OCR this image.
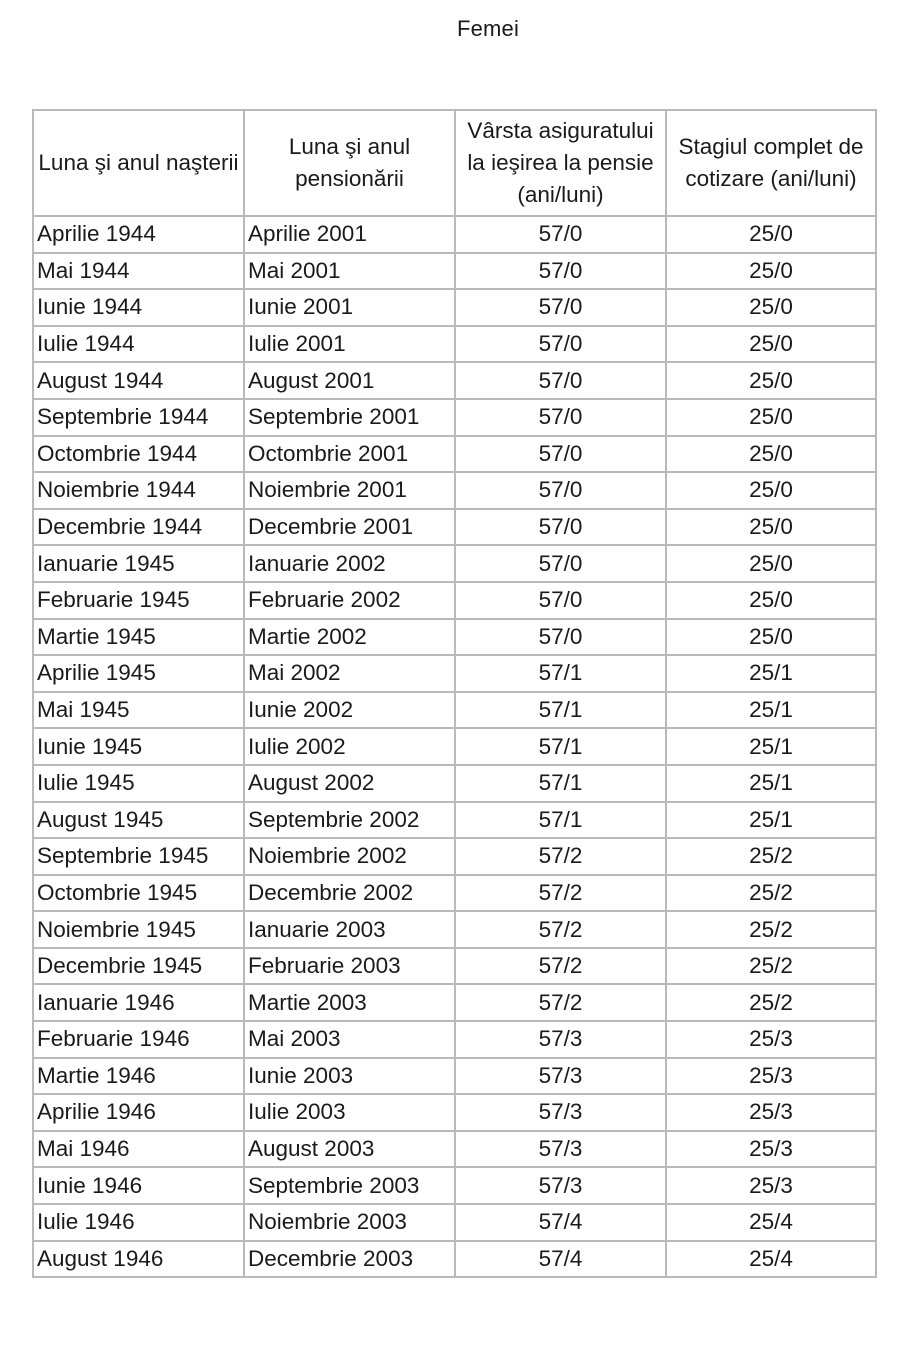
Femei
Luna şi anul naşterii	Luna şi anul pensionării	Vârsta asiguratului la ieşirea la pensie (ani/luni)	Stagiul complet de cotizare (ani/luni)
Aprilie 1944	Aprilie 2001	57/0	25/0
Mai 1944	Mai 2001	57/0	25/0
Iunie 1944	Iunie 2001	57/0	25/0
Iulie 1944	Iulie 2001	57/0	25/0
August 1944	August 2001	57/0	25/0
Septembrie 1944	Septembrie 2001	57/0	25/0
Octombrie 1944	Octombrie 2001	57/0	25/0
Noiembrie 1944	Noiembrie 2001	57/0	25/0
Decembrie 1944	Decembrie 2001	57/0	25/0
Ianuarie 1945	Ianuarie 2002	57/0	25/0
Februarie 1945	Februarie 2002	57/0	25/0
Martie 1945	Martie 2002	57/0	25/0
Aprilie 1945	Mai 2002	57/1	25/1
Mai 1945	Iunie 2002	57/1	25/1
Iunie 1945	Iulie 2002	57/1	25/1
Iulie 1945	August 2002	57/1	25/1
August 1945	Septembrie 2002	57/1	25/1
Septembrie 1945	Noiembrie 2002	57/2	25/2
Octombrie 1945	Decembrie 2002	57/2	25/2
Noiembrie 1945	Ianuarie 2003	57/2	25/2
Decembrie 1945	Februarie 2003	57/2	25/2
Ianuarie 1946	Martie 2003	57/2	25/2
Februarie 1946	Mai 2003	57/3	25/3
Martie 1946	Iunie 2003	57/3	25/3
Aprilie 1946	Iulie 2003	57/3	25/3
Mai 1946	August 2003	57/3	25/3
Iunie 1946	Septembrie 2003	57/3	25/3
Iulie 1946	Noiembrie 2003	57/4	25/4
August 1946	Decembrie 2003	57/4	25/4
